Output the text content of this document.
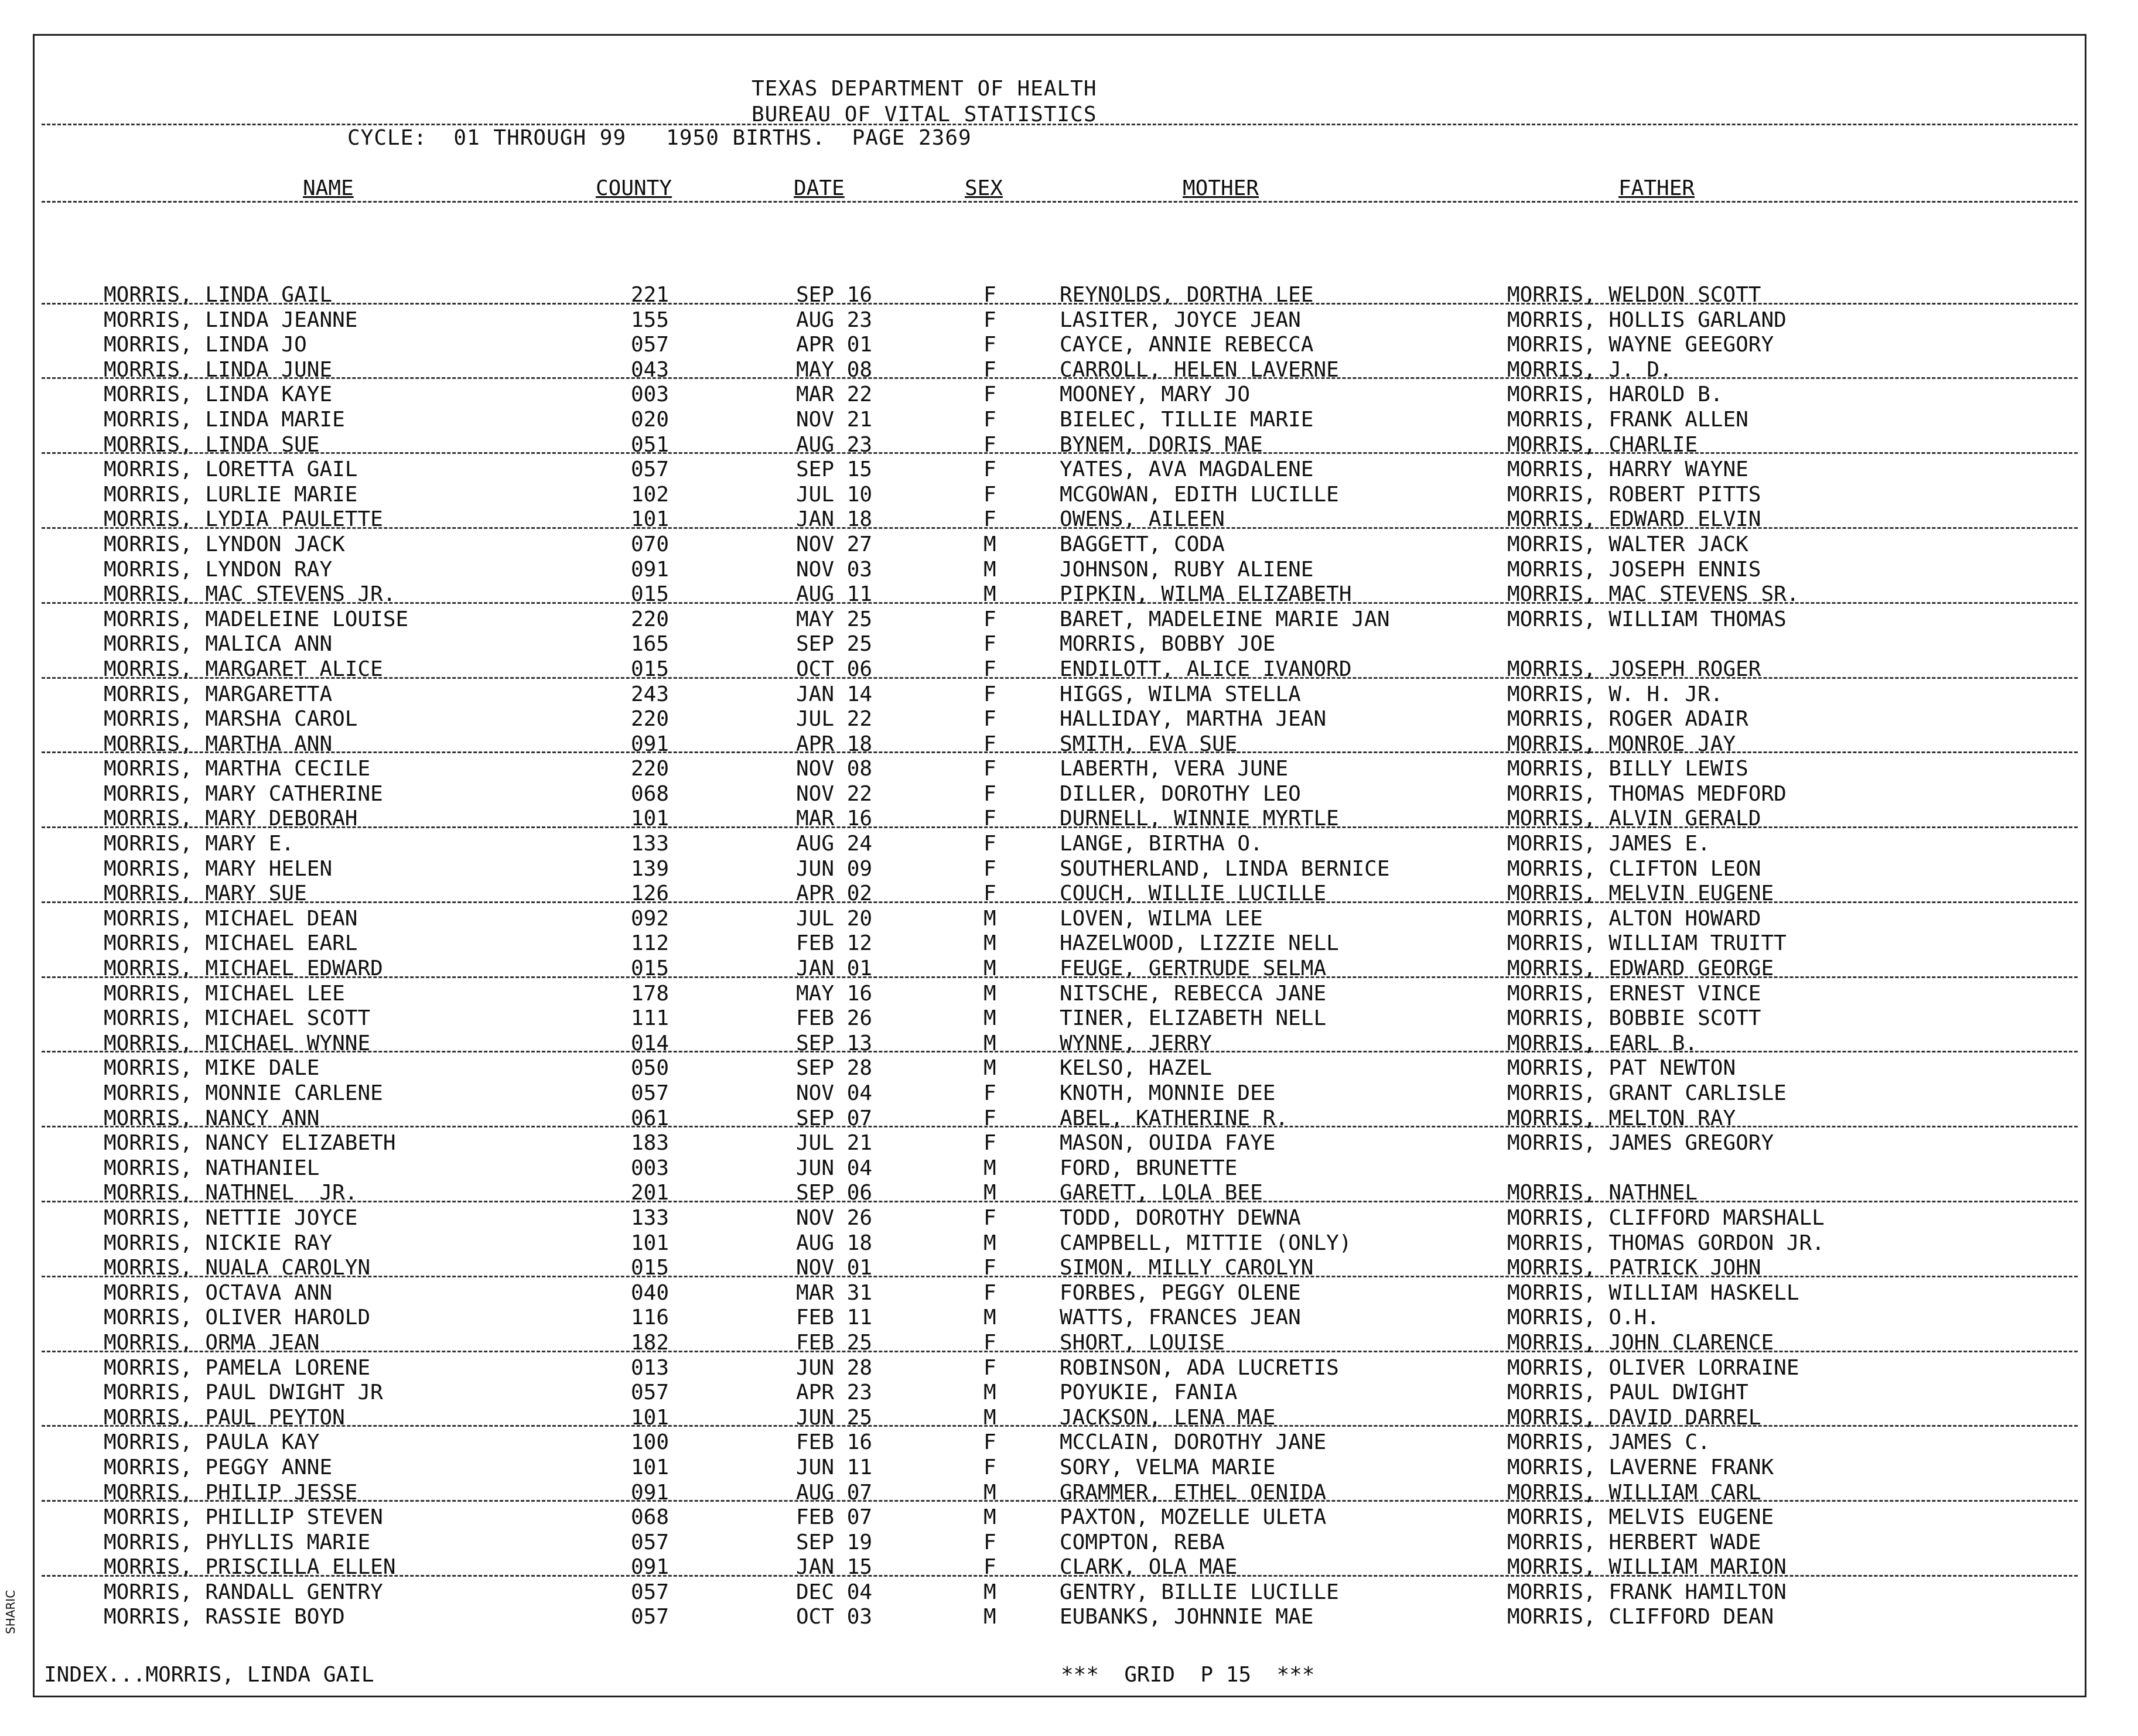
TEXAS DEPARTMENT OF HEALTH
BUREAU OF VITAL STATISTICS
CYCLE:  01 THROUGH 99   1950 BIRTHS.  PAGE 2369
NAME	COUNTY	DATE	SEX	MOTHER	FATHER
MORRIS, LINDA GAIL	221	SEP 16	F	REYNOLDS, DORTHA LEE	MORRIS, WELDON SCOTT
MORRIS, LINDA JEANNE	155	AUG 23	F	LASITER, JOYCE JEAN	MORRIS, HOLLIS GARLAND
MORRIS, LINDA JO	057	APR 01	F	CAYCE, ANNIE REBECCA	MORRIS, WAYNE GEEGORY
MORRIS, LINDA JUNE	043	MAY 08	F	CARROLL, HELEN LAVERNE	MORRIS, J. D.
MORRIS, LINDA KAYE	003	MAR 22	F	MOONEY, MARY JO	MORRIS, HAROLD B.
MORRIS, LINDA MARIE	020	NOV 21	F	BIELEC, TILLIE MARIE	MORRIS, FRANK ALLEN
MORRIS, LINDA SUE	051	AUG 23	F	BYNEM, DORIS MAE	MORRIS, CHARLIE
MORRIS, LORETTA GAIL	057	SEP 15	F	YATES, AVA MAGDALENE	MORRIS, HARRY WAYNE
MORRIS, LURLIE MARIE	102	JUL 10	F	MCGOWAN, EDITH LUCILLE	MORRIS, ROBERT PITTS
MORRIS, LYDIA PAULETTE	101	JAN 18	F	OWENS, AILEEN	MORRIS, EDWARD ELVIN
MORRIS, LYNDON JACK	070	NOV 27	M	BAGGETT, CODA	MORRIS, WALTER JACK
MORRIS, LYNDON RAY	091	NOV 03	M	JOHNSON, RUBY ALIENE	MORRIS, JOSEPH ENNIS
MORRIS, MAC STEVENS JR.	015	AUG 11	M	PIPKIN, WILMA ELIZABETH	MORRIS, MAC STEVENS SR.
MORRIS, MADELEINE LOUISE	220	MAY 25	F	BARET, MADELEINE MARIE JAN	MORRIS, WILLIAM THOMAS
MORRIS, MALICA ANN	165	SEP 25	F	MORRIS, BOBBY JOE
MORRIS, MARGARET ALICE	015	OCT 06	F	ENDILOTT, ALICE IVANORD	MORRIS, JOSEPH ROGER
MORRIS, MARGARETTA	243	JAN 14	F	HIGGS, WILMA STELLA	MORRIS, W. H. JR.
MORRIS, MARSHA CAROL	220	JUL 22	F	HALLIDAY, MARTHA JEAN	MORRIS, ROGER ADAIR
MORRIS, MARTHA ANN	091	APR 18	F	SMITH, EVA SUE	MORRIS, MONROE JAY
MORRIS, MARTHA CECILE	220	NOV 08	F	LABERTH, VERA JUNE	MORRIS, BILLY LEWIS
MORRIS, MARY CATHERINE	068	NOV 22	F	DILLER, DOROTHY LEO	MORRIS, THOMAS MEDFORD
MORRIS, MARY DEBORAH	101	MAR 16	F	DURNELL, WINNIE MYRTLE	MORRIS, ALVIN GERALD
MORRIS, MARY E.	133	AUG 24	F	LANGE, BIRTHA O.	MORRIS, JAMES E.
MORRIS, MARY HELEN	139	JUN 09	F	SOUTHERLAND, LINDA BERNICE	MORRIS, CLIFTON LEON
MORRIS, MARY SUE	126	APR 02	F	COUCH, WILLIE LUCILLE	MORRIS, MELVIN EUGENE
MORRIS, MICHAEL DEAN	092	JUL 20	M	LOVEN, WILMA LEE	MORRIS, ALTON HOWARD
MORRIS, MICHAEL EARL	112	FEB 12	M	HAZELWOOD, LIZZIE NELL	MORRIS, WILLIAM TRUITT
MORRIS, MICHAEL EDWARD	015	JAN 01	M	FEUGE, GERTRUDE SELMA	MORRIS, EDWARD GEORGE
MORRIS, MICHAEL LEE	178	MAY 16	M	NITSCHE, REBECCA JANE	MORRIS, ERNEST VINCE
MORRIS, MICHAEL SCOTT	111	FEB 26	M	TINER, ELIZABETH NELL	MORRIS, BOBBIE SCOTT
MORRIS, MICHAEL WYNNE	014	SEP 13	M	WYNNE, JERRY	MORRIS, EARL B.
MORRIS, MIKE DALE	050	SEP 28	M	KELSO, HAZEL	MORRIS, PAT NEWTON
MORRIS, MONNIE CARLENE	057	NOV 04	F	KNOTH, MONNIE DEE	MORRIS, GRANT CARLISLE
MORRIS, NANCY ANN	061	SEP 07	F	ABEL, KATHERINE R.	MORRIS, MELTON RAY
MORRIS, NANCY ELIZABETH	183	JUL 21	F	MASON, OUIDA FAYE	MORRIS, JAMES GREGORY
MORRIS, NATHANIEL	003	JUN 04	M	FORD, BRUNETTE
MORRIS, NATHNEL  JR.	201	SEP 06	M	GARETT, LOLA BEE	MORRIS, NATHNEL
MORRIS, NETTIE JOYCE	133	NOV 26	F	TODD, DOROTHY DEWNA	MORRIS, CLIFFORD MARSHALL
MORRIS, NICKIE RAY	101	AUG 18	M	CAMPBELL, MITTIE (ONLY)	MORRIS, THOMAS GORDON JR.
MORRIS, NUALA CAROLYN	015	NOV 01	F	SIMON, MILLY CAROLYN	MORRIS, PATRICK JOHN
MORRIS, OCTAVA ANN	040	MAR 31	F	FORBES, PEGGY OLENE	MORRIS, WILLIAM HASKELL
MORRIS, OLIVER HAROLD	116	FEB 11	M	WATTS, FRANCES JEAN	MORRIS, O.H.
MORRIS, ORMA JEAN	182	FEB 25	F	SHORT, LOUISE	MORRIS, JOHN CLARENCE
MORRIS, PAMELA LORENE	013	JUN 28	F	ROBINSON, ADA LUCRETIS	MORRIS, OLIVER LORRAINE
MORRIS, PAUL DWIGHT JR	057	APR 23	M	POYUKIE, FANIA	MORRIS, PAUL DWIGHT
MORRIS, PAUL PEYTON	101	JUN 25	M	JACKSON, LENA MAE	MORRIS, DAVID DARREL
MORRIS, PAULA KAY	100	FEB 16	F	MCCLAIN, DOROTHY JANE	MORRIS, JAMES C.
MORRIS, PEGGY ANNE	101	JUN 11	F	SORY, VELMA MARIE	MORRIS, LAVERNE FRANK
MORRIS, PHILIP JESSE	091	AUG 07	M	GRAMMER, ETHEL OENIDA	MORRIS, WILLIAM CARL
MORRIS, PHILLIP STEVEN	068	FEB 07	M	PAXTON, MOZELLE ULETA	MORRIS, MELVIS EUGENE
MORRIS, PHYLLIS MARIE	057	SEP 19	F	COMPTON, REBA	MORRIS, HERBERT WADE
MORRIS, PRISCILLA ELLEN	091	JAN 15	F	CLARK, OLA MAE	MORRIS, WILLIAM MARION
MORRIS, RANDALL GENTRY	057	DEC 04	M	GENTRY, BILLIE LUCILLE	MORRIS, FRANK HAMILTON
MORRIS, RASSIE BOYD	057	OCT 03	M	EUBANKS, JOHNNIE MAE	MORRIS, CLIFFORD DEAN
INDEX...MORRIS, LINDA GAIL	***  GRID  P 15  ***
SHARIC
